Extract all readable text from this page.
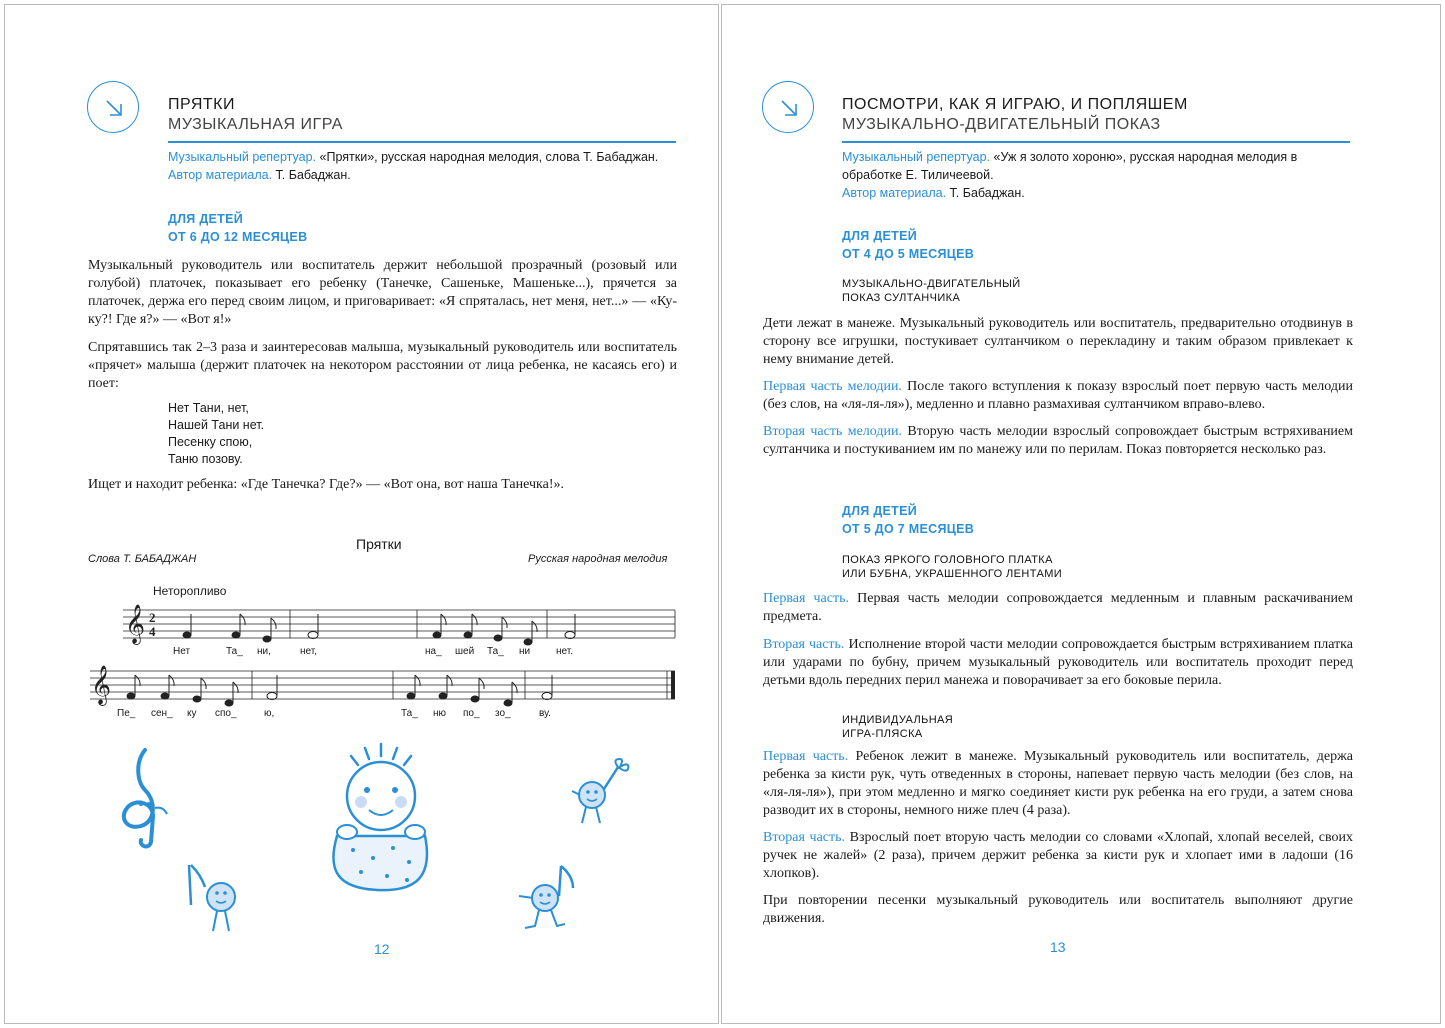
ПРЯТКИ
МУЗЫКАЛЬНАЯ ИГРА
Музыкальный репертуар. «Прятки», русская народная мелодия, слова Т. Бабаджан.
Автор материала. Т. Бабаджан.
ДЛЯ ДЕТЕЙ
ОТ 6 ДО 12 МЕСЯЦЕВ
Музыкальный руководитель или воспитатель держит небольшой прозрачный (розовый или голубой) платочек, показывает его ребенку (Танечке, Сашеньке, Машеньке...), прячется за платочек, держа его перед своим лицом, и приговаривает: «Я спряталась, нет меня, нет...» — «Ку-ку?! Где я?» — «Вот я!»
Спрятавшись так 2–3 раза и заинтересовав малыша, музыкальный руководитель или воспитатель «прячет» малыша (держит платочек на некотором расстоянии от лица ребенка, не касаясь его) и поет:
Нет Тани, нет,
Нашей Тани нет.
Песенку спою,
Таню позову.
Ищет и находит ребенка: «Где Танечка? Где?» — «Вот она, вот наша Танечка!».
Прятки
Слова Т. БАБАДЖАН	Русская народная мелодия
Неторопливо
𝄞
𝄞
2
4
Нет	Та_ ни,	нет,	на_ шей Та_ ни	нет.
Пе_ сен_ ку спо_	ю,	Та_ ню по_ зо_	ву.
12
ПОСМОТРИ, КАК Я ИГРАЮ, И ПОПЛЯШЕМ
МУЗЫКАЛЬНО-ДВИГАТЕЛЬНЫЙ ПОКАЗ
Музыкальный репертуар. «Уж я золото хороню», русская народная мелодия в обработке Е. Тиличеевой.
Автор материала. Т. Бабаджан.
ДЛЯ ДЕТЕЙ
ОТ 4 ДО 5 МЕСЯЦЕВ
МУЗЫКАЛЬНО-ДВИГАТЕЛЬНЫЙ
ПОКАЗ СУЛТАНЧИКА
Дети лежат в манеже. Музыкальный руководитель или воспитатель, предварительно отодвинув в сторону все игрушки, постукивает султанчиком о перекладину и таким образом привлекает к нему внимание детей.
Первая часть мелодии. После такого вступления к показу взрослый поет первую часть мелодии (без слов, на «ля-ля-ля»), медленно и плавно размахивая султанчиком вправо-влево.
Вторая часть мелодии. Вторую часть мелодии взрослый сопровождает быстрым встряхиванием султанчика и постукиванием им по манежу или по перилам. Показ повторяется несколько раз.
ДЛЯ ДЕТЕЙ
ОТ 5 ДО 7 МЕСЯЦЕВ
ПОКАЗ ЯРКОГО ГОЛОВНОГО ПЛАТКА
ИЛИ БУБНА, УКРАШЕННОГО ЛЕНТАМИ
Первая часть. Первая часть мелодии сопровождается медленным и плавным раскачиванием предмета.
Вторая часть. Исполнение второй части мелодии сопровождается быстрым встряхиванием платка или ударами по бубну, причем музыкальный руководитель или воспитатель проходит перед детьми вдоль передних перил манежа и поворачивает за его боковые перила.
ИНДИВИДУАЛЬНАЯ
ИГРА-ПЛЯСКА
Первая часть. Ребенок лежит в манеже. Музыкальный руководитель или воспитатель, держа ребенка за кисти рук, чуть отведенных в стороны, напевает первую часть мелодии (без слов, на «ля-ля-ля»), при этом медленно и мягко соединяет кисти рук ребенка на его груди, а затем снова разводит их в стороны, немного ниже плеч (4 раза).
Вторая часть. Взрослый поет вторую часть мелодии со словами «Хлопай, хлопай веселей, своих ручек не жалей» (2 раза), причем держит ребенка за кисти рук и хлопает ими в ладоши (16 хлопков).
При повторении песенки музыкальный руководитель или воспитатель выполняют другие движения.
13
